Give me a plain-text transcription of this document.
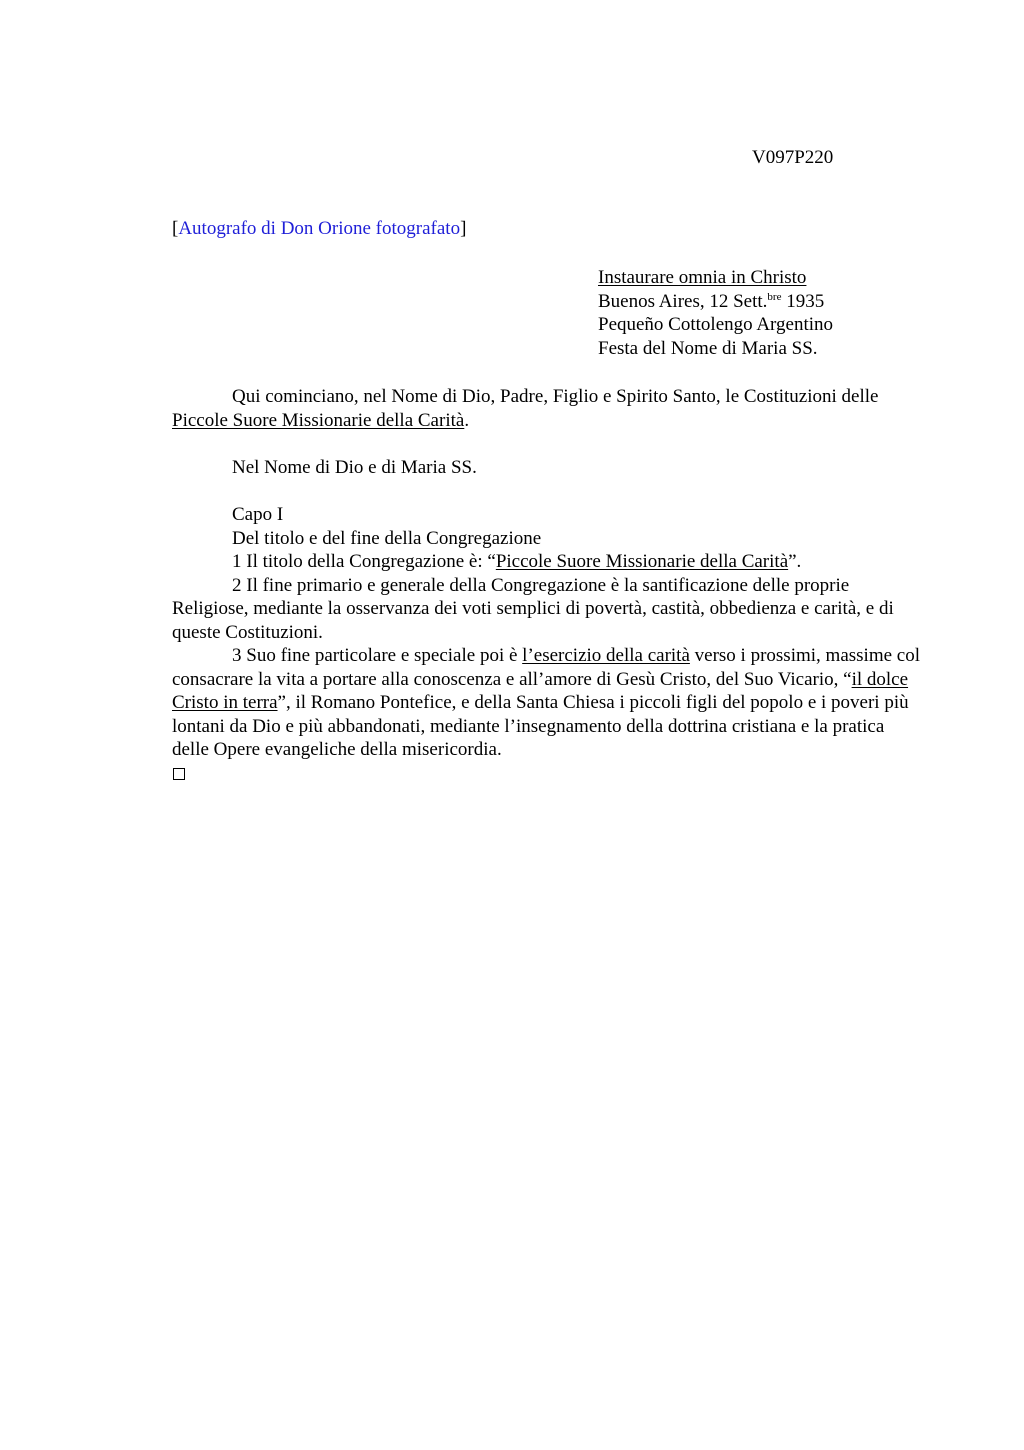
V097P220
[Autografo di Don Orione fotografato]
Instaurare omnia in Christo
Buenos Aires, 12 Sett.$^{bre}$ 1935
Pequeño Cottolengo Argentino
Festa del Nome di Maria SS.

Qui cominciano, nel Nome di Dio, Padre, Figlio e Spirito Santo, le Costituzioni delle Piccole Suore Missionarie della Carità.

Nel Nome di Dio e di Maria SS.

Capo I

Del titolo e del fine della Congregazione

1 Il titolo della Congregazione è: “Piccole Suore Missionarie della Carità”.

2 Il fine primario e generale della Congregazione è la santificazione delle proprie Religiose, mediante la osservanza dei voti semplici di povertà, castità, obbedienza e carità, e di queste Costituzioni.

3 Suo fine particolare e speciale poi è l’esercizio della carità verso i prossimi, massime col consacrare la vita a portare alla conoscenza e all’amore di Gesù Cristo, del Suo Vicario, “il dolce Cristo in terra”, il Romano Pontefice, e della Santa Chiesa i piccoli figli del popolo e i poveri più lontani da Dio e più abbandonati, mediante l’insegnamento della dottrina cristiana e la pratica delle Opere evangeliche della misericordia.
